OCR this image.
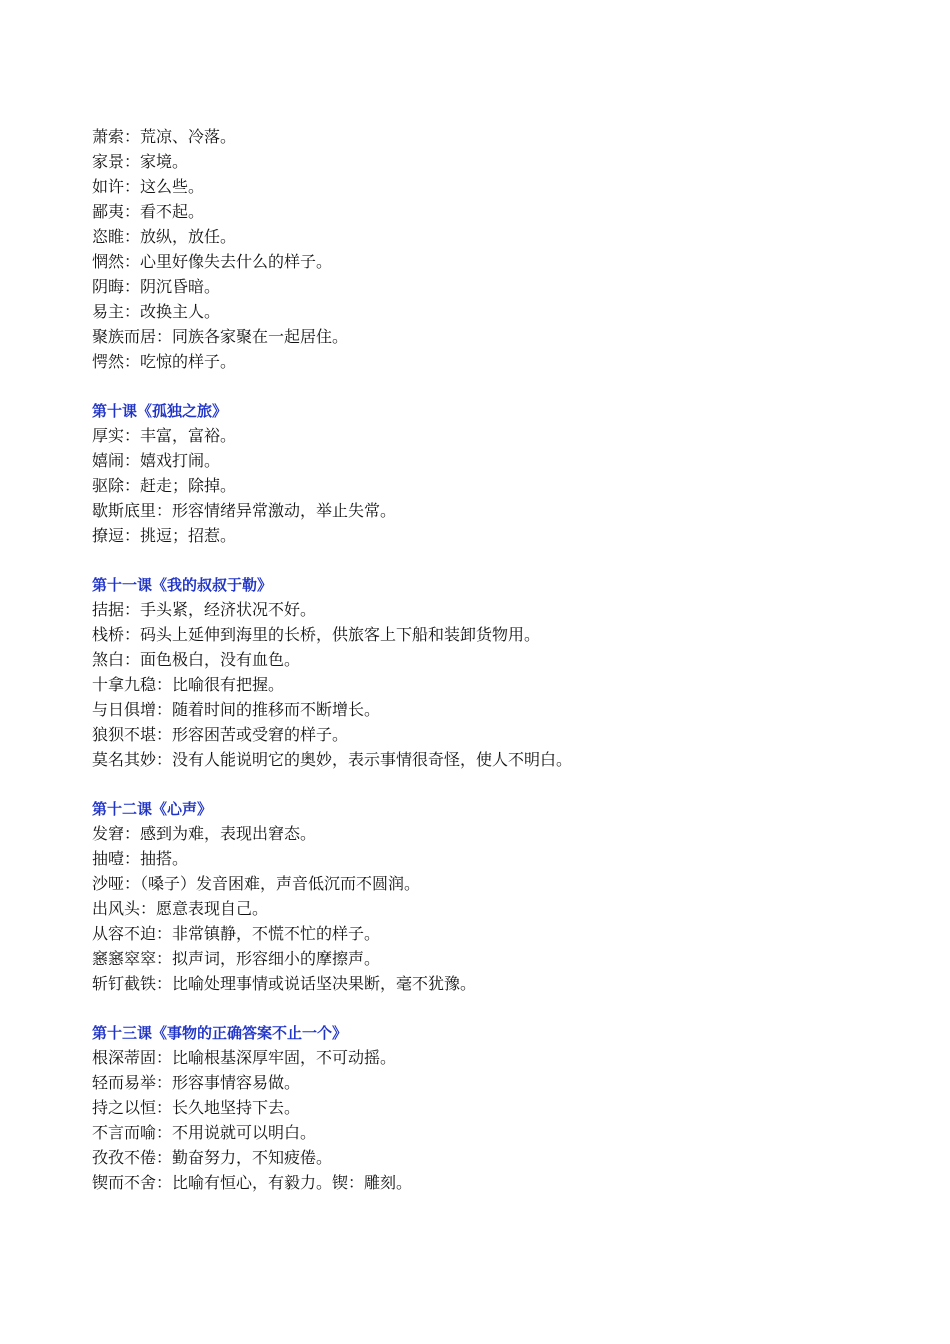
萧索：荒凉、冷落。
家景：家境。
如许：这么些。
鄙夷：看不起。
恣睢：放纵，放任。
惘然：心里好像失去什么的样子。
阴晦：阴沉昏暗。
易主：改换主人。
聚族而居：同族各家聚在一起居住。
愕然：吃惊的样子。
第十课《孤独之旅》
厚实：丰富，富裕。
嬉闹：嬉戏打闹。
驱除：赶走；除掉。
歇斯底里：形容情绪异常激动，举止失常。
撩逗：挑逗；招惹。
第十一课《我的叔叔于勒》
拮据：手头紧，经济状况不好。
栈桥：码头上延伸到海里的长桥，供旅客上下船和装卸货物用。
煞白：面色极白，没有血色。
十拿九稳：比喻很有把握。
与日俱增：随着时间的推移而不断增长。
狼狈不堪：形容困苦或受窘的样子。
莫名其妙：没有人能说明它的奥妙，表示事情很奇怪，使人不明白。
第十二课《心声》
发窘：感到为难，表现出窘态。
抽噎：抽搭。
沙哑：（嗓子）发音困难，声音低沉而不圆润。
出风头：愿意表现自己。
从容不迫：非常镇静，不慌不忙的样子。
窸窸窣窣：拟声词，形容细小的摩擦声。
斩钉截铁：比喻处理事情或说话坚决果断，毫不犹豫。
第十三课《事物的正确答案不止一个》
根深蒂固：比喻根基深厚牢固，不可动摇。
轻而易举：形容事情容易做。
持之以恒：长久地坚持下去。
不言而喻：不用说就可以明白。
孜孜不倦：勤奋努力，不知疲倦。
锲而不舍：比喻有恒心，有毅力。锲：雕刻。
